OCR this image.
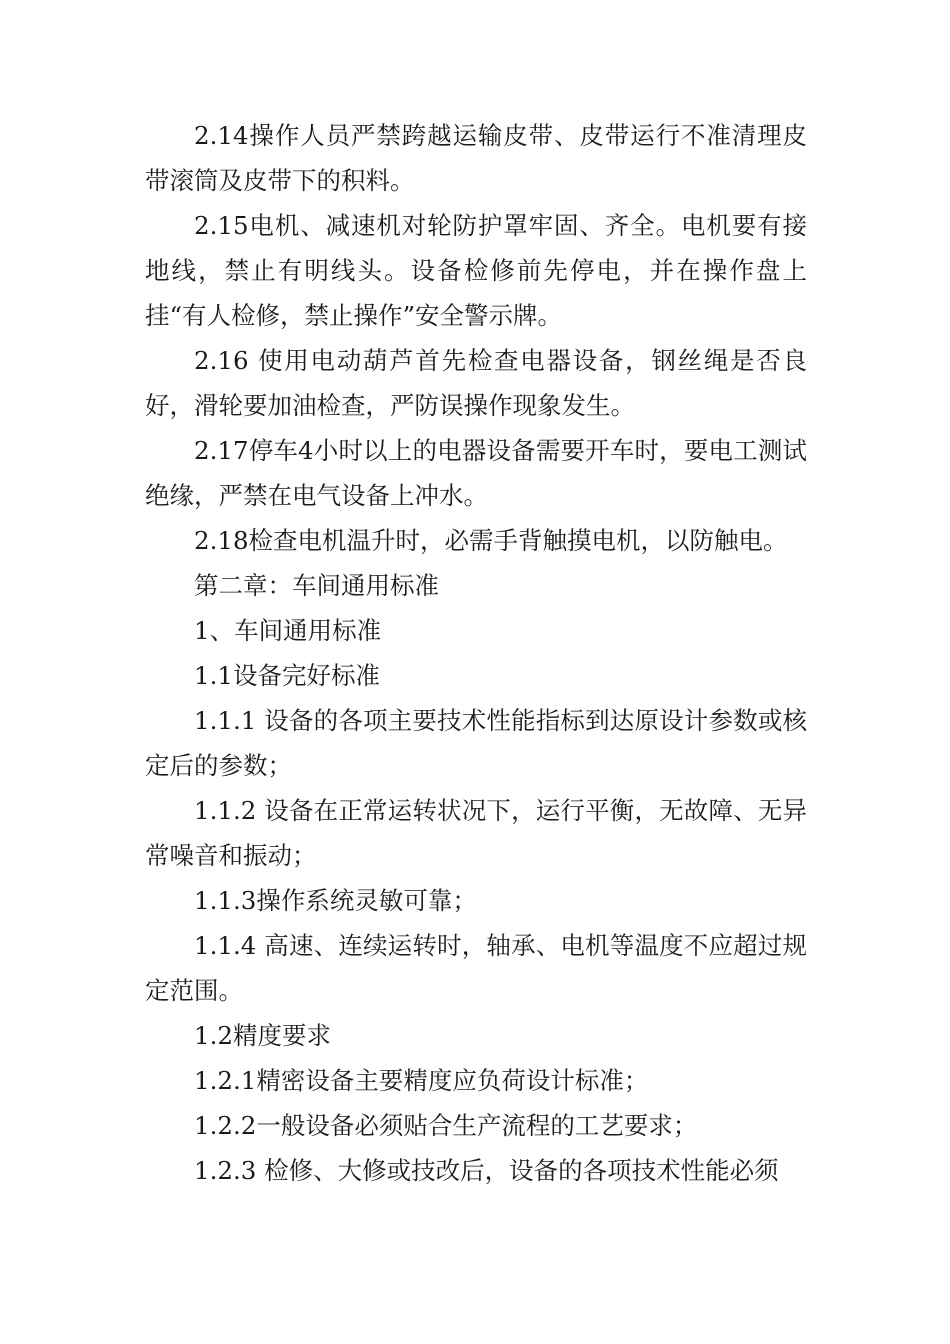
2.14操作人员严禁跨越运输皮带、皮带运行不准清理皮带滚筒及皮带下的积料。

2.15电机、减速机对轮防护罩牢固、齐全。电机要有接地线，禁止有明线头。设备检修前先停电，并在操作盘上挂“有人检修，禁止操作”安全警示牌。

2.16 使用电动葫芦首先检查电器设备，钢丝绳是否良好，滑轮要加油检查，严防误操作现象发生。

2.17停车4小时以上的电器设备需要开车时，要电工测试绝缘，严禁在电气设备上冲水。

2.18检查电机温升时，必需手背触摸电机，以防触电。

第二章：车间通用标准

1、车间通用标准

1.1设备完好标准

1.1.1 设备的各项主要技术性能指标到达原设计参数或核定后的参数；

1.1.2 设备在正常运转状况下，运行平衡，无故障、无异常噪音和振动；

1.1.3操作系统灵敏可靠；

1.1.4 高速、连续运转时，轴承、电机等温度不应超过规定范围。

1.2精度要求

1.2.1精密设备主要精度应负荷设计标准；

1.2.2一般设备必须贴合生产流程的工艺要求；

1.2.3 检修、大修或技改后，设备的各项技术性能必须
